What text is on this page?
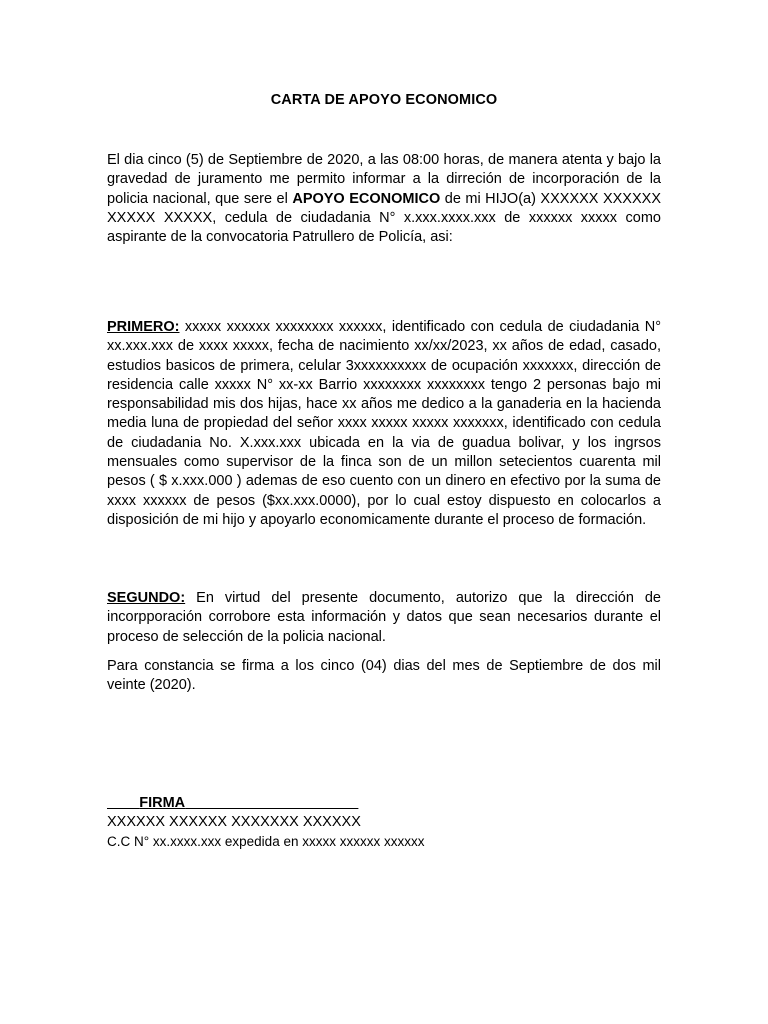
CARTA DE APOYO ECONOMICO

El dia cinco (5) de Septiembre de 2020, a las 08:00 horas, de manera atenta y bajo la gravedad de juramento me permito informar a la dirreción de incorporación de la policia nacional, que sere el APOYO ECONOMICO de mi HIJO(a) XXXXXX XXXXXX XXXXX XXXXX, cedula de ciudadania N° x.xxx.xxxx.xxx de xxxxxx xxxxx como aspirante de la convocatoria Patrullero de Policía, asi:

PRIMERO: xxxxx xxxxxx xxxxxxxx xxxxxx, identificado con cedula de ciudadania N° xx.xxx.xxx de xxxx xxxxx, fecha de nacimiento xx/xx/2023, xx años de edad, casado, estudios basicos de primera, celular 3xxxxxxxxxx de ocupación xxxxxxx, dirección de residencia calle xxxxx N° xx-xx Barrio xxxxxxxx xxxxxxxx tengo 2 personas bajo mi responsabilidad mis dos hijas, hace xx años me dedico a la ganaderia en la hacienda media luna de propiedad del señor xxxx xxxxx xxxxx xxxxxxx, identificado con cedula de ciudadania No. X.xxx.xxx ubicada en la via de guadua bolivar, y los ingrsos mensuales como supervisor de la finca son de un millon setecientos cuarenta mil pesos ( $ x.xxx.000 ) ademas de eso cuento con un dinero en efectivo por la suma de xxxx xxxxxx de pesos ($xx.xxx.0000), por lo cual estoy dispuesto en colocarlos a disposición de mi hijo y apoyarlo economicamente durante el proceso de formación.

SEGUNDO: En virtud del presente documento, autorizo que la dirección de incorpporación corrobore esta información y datos que sean necesarios durante el proceso de selección de la policia nacional.

Para constancia se firma a los cinco (04) dias del mes de Septiembre de dos mil veinte (2020).

FIRMA
XXXXXX XXXXXX XXXXXXX XXXXXX
C.C N° xx.xxxx.xxx expedida en xxxxx xxxxxx xxxxxx
